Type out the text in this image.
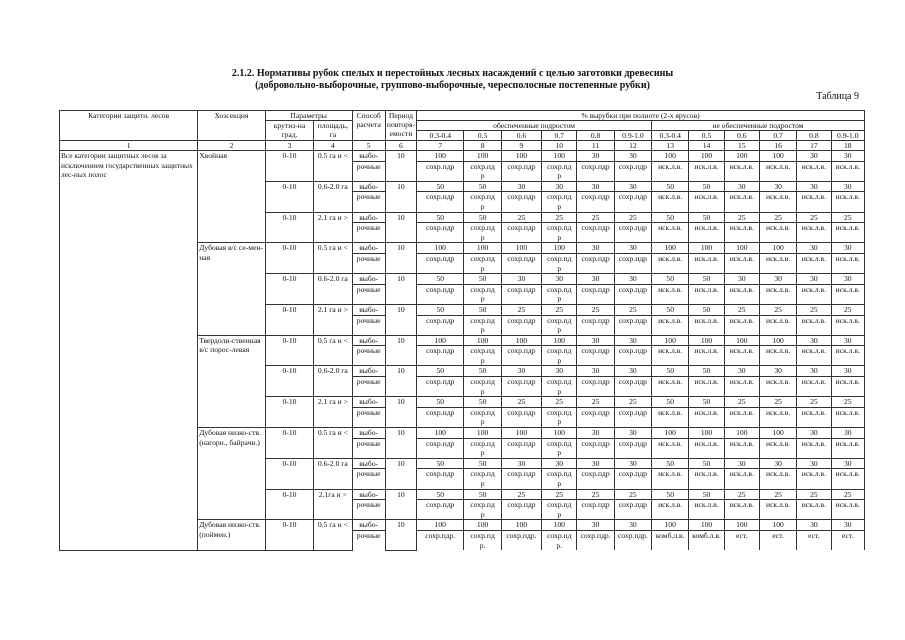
2.1.2. Нормативы рубок спелых и перестойных лесных насаждений с целью заготовки древесины
(добровольно-выборочные, группово-выборочные, чересполосные постепенные рубки)
Таблица 9
Категории защитн. лесов	Хозсекция	Параметры		Способ расчета	Период повторя-емости	% вырубки при полноте (2-х ярусов)											
		крутиз-на град.	площадь, га			обеспеченные подростом						не обеспеченные подростом					
						0.3-0.4	0.5	0.6	0.7	0.8	0.9-1.0	0.3-0.4	0.5	0.6	0.7	0.8	0.9-1.0
1	2	3	4	5	6	7	8	9	10	11	12	13	14	15	16	17	18
Все категории защитных лесов за исключением государственных защитных лес-ных полос	Хвойная	0-10	0.5 га и <	выбо-	10	100	100	100	100	30	30	100	100	100	100	30	30
				рочные		сохр.пдр	сохр.пд	сохр.пдр	сохр.пд	сохр.пдр	сохр.пдр	иск.л.в.	иск.л.в.	иск.л.в.	иск.л.в.	иск.л.в.	иск.л.в.
							р		р								
		0-10	0.6-2.0 га	выбо-	10	50	50	30	30	30	30	50	50	30	30	30	30
				рочные		сохр.пдр	сохр.пд	сохр.пдр	сохр.пд	сохр.пдр	сохр.пдр	иск.л.в.	иск.л.в.	иск.л.в.	иск.л.в.	иск.л.в.	иск.л.в.
							р		р								
		0-10	2.1 га и >	выбо-	10	50	50	25	25	25	25	50	50	25	25	25	25
				рочные		сохр.пдр	сохр.пд	сохр.пдр	сохр.пд	сохр.пдр	сохр.пдр	иск.л.в.	иск.л.в.	иск.л.в.	иск.л.в.	иск.л.в.	иск.л.в.
							р		р								
	Дубовая в/с се-мен-ная	0-10	0.5 га и <	выбо-	10	100	100	100	100	30	30	100	100	100	100	30	30
				рочные		сохр.пдр	сохр.пд	сохр.пдр	сохр.пд	сохр.пдр	сохр.пдр	иск.л.в.	иск.л.в.	иск.л.в.	иск.л.в.	иск.л.в.	иск.л.в.
							р		р								
		0-10	0.6-2.0 га	выбо-	10	50	50	30	30	30	30	50	50	30	30	30	30
				рочные		сохр.пдр	сохр.пд	сохр.пдр	сохр.пд	сохр.пдр	сохр.пдр	иск.л.в.	иск.л.в.	иск.л.в.	иск.л.в.	иск.л.в.	иск.л.в.
							р		р								
		0-10	2.1 га и >	выбо-	10	50	50	25	25	25	25	50	50	25	25	25	25
				рочные		сохр.пдр	сохр.пд	сохр.пдр	сохр.пд	сохр.пдр	сохр.пдр	иск.л.в.	иск.л.в.	иск.л.в.	иск.л.в.	иск.л.в.	иск.л.в.
							р		р								
	Твердоли-ственная в/с порос-левая	0-10	0.5 га и <	выбо-	10	100	100	100	100	30	30	100	100	100	100	30	30
				рочные		сохр.пдр	сохр.пд	сохр.пдр	сохр.пд	сохр.пдр	сохр.пдр	иск.л.в.	иск.л.в.	иск.л.в.	иск.л.в.	иск.л.в.	иск.л.в.
							р		р								
		0-10	0.6-2.0 га	выбо-	10	50	50	30	30	30	30	50	50	30	30	30	30
				рочные		сохр.пдр	сохр.пд	сохр.пдр	сохр.пд	сохр.пдр	сохр.пдр	иск.л.в.	иск.л.в.	иск.л.в.	иск.л.в.	иск.л.в.	иск.л.в.
							р		р								
		0-10	2.1 га и >	выбо-	10	50	50	25	25	25	25	50	50	25	25	25	25
				рочные		сохр.пдр	сохр.пд	сохр.пдр	сохр.пд	сохр.пдр	сохр.пдр	иск.л.в.	иск.л.в.	иск.л.в.	иск.л.в.	иск.л.в.	иск.л.в.
							р		р								
	Дубовая низко-ств. (нагорн., байрачн.)	0-10	0.5 га и <	выбо-	10	100	100	100	100	30	30	100	100	100	100	30	30
				рочные		сохр.пдр	сохр.пд	сохр.пдр	сохр.пд	сохр.пдр	сохр.пдр	иск.л.в.	иск.л.в.	иск.л.в.	иск.л.в.	иск.л.в.	иск.л.в.
							р		р								
		0-10	0.6-2.0 га	выбо-	10	50	50	30	30	30	30	50	50	30	30	30	30
				рочные		сохр.пдр	сохр.пд	сохр.пдр	сохр.пд	сохр.пдр	сохр.пдр	иск.л.в.	иск.л.в.	иск.л.в.	иск.л.в.	иск.л.в.	иск.л.в.
							р		р								
		0-10	2.1га и >	выбо-	10	50	50	25	25	25	25	50	50	25	25	25	25
				рочные		сохр.пдр	сохр.пд	сохр.пдр	сохр.пд	сохр.пдр	сохр.пдр	иск.л.в.	иск.л.в.	иск.л.в.	иск.л.в.	иск.л.в.	иск.л.в.
							р		р								
	Дубовая низко-ств. (поймен.)	0-10	0.5 га и <	выбо-	10	100	100	100	100	30	30	100	100	100	100	30	30
				рочные		сохр.пдр.	сохр.пд	сохр.пдр.	сохр.пд	сохр.пдр.	сохр.пдр.	комб.л.в.	комб.л.в.	ест.	ест.	ест.	ест.
							р.		р.								
